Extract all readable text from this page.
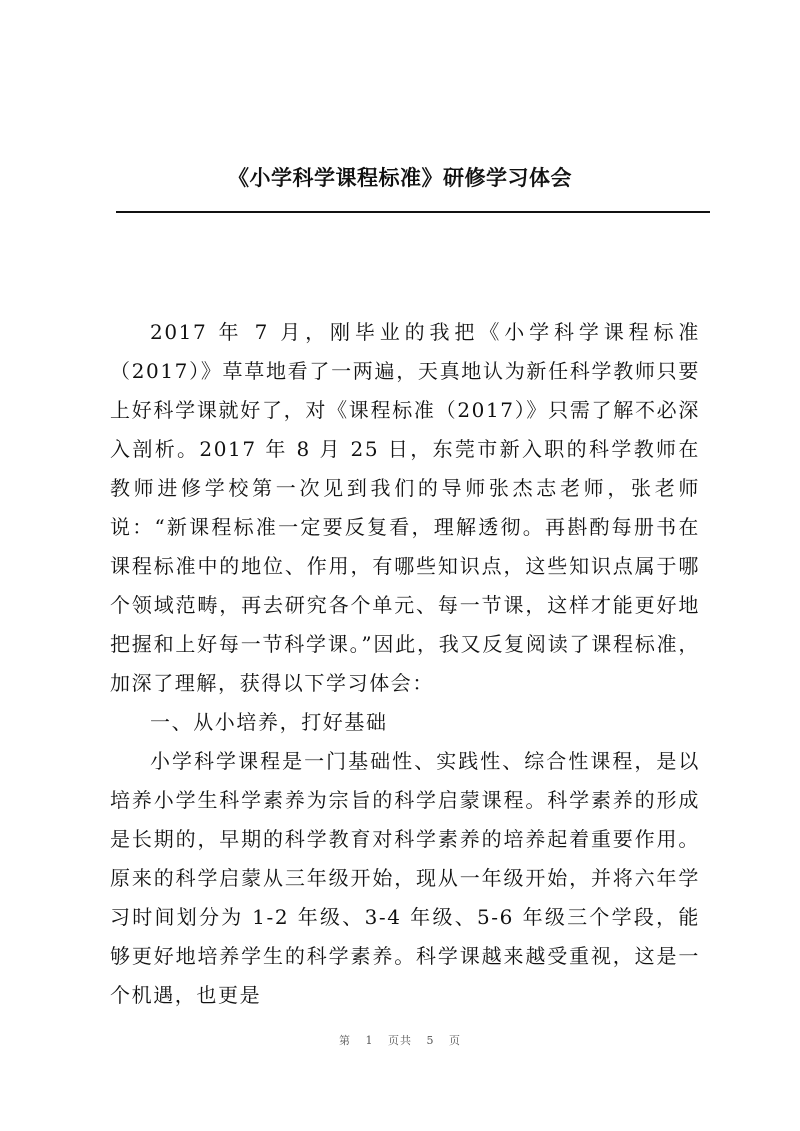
《小学科学课程标准》研修学习体会

2017 年 7 月，刚毕业的我把《小学科学课程标准（2017）》草草地看了一两遍，天真地认为新任科学教师只要上好科学课就好了，对《课程标准（2017）》只需了解不必深入剖析。2017 年 8 月 25 日，东莞市新入职的科学教师在教师进修学校第一次见到我们的导师张杰志老师，张老师说：“新课程标准一定要反复看，理解透彻。再斟酌每册书在课程标准中的地位、作用，有哪些知识点，这些知识点属于哪个领域范畴，再去研究各个单元、每一节课，这样才能更好地把握和上好每一节科学课。”因此，我又反复阅读了课程标准，加深了理解，获得以下学习体会：

一、从小培养，打好基础

小学科学课程是一门基础性、实践性、综合性课程，是以培养小学生科学素养为宗旨的科学启蒙课程。科学素养的形成是长期的，早期的科学教育对科学素养的培养起着重要作用。原来的科学启蒙从三年级开始，现从一年级开始，并将六年学习时间划分为 1-2 年级、3-4 年级、5-6 年级三个学段，能够更好地培养学生的科学素养。科学课越来越受重视，这是一个机遇，也更是

第 1 页共 5 页
